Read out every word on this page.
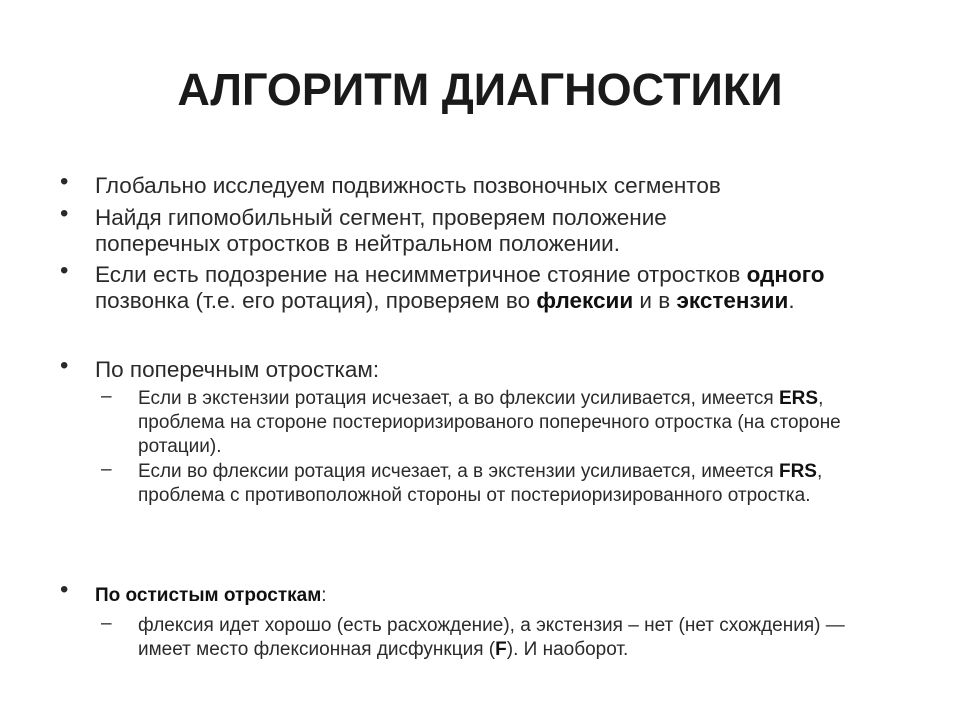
АЛГОРИТМ ДИАГНОСТИКИ
• Глобально исследуем подвижность позвоночных сегментов
• Найдя гипомобильный сегмент, проверяем положение поперечных отростков в нейтральном положении.
• Если есть подозрение на несимметричное стояние отростков одного позвонка (т.е. его ротация), проверяем во флексии и в экстензии.
• По поперечным отросткам:
– Если в экстензии ротация исчезает, а во флексии усиливается, имеется ERS, проблема на стороне постериоризированого поперечного отростка (на стороне ротации).
– Если во флексии ротация исчезает, а в экстензии усиливается, имеется FRS, проблема с противоположной стороны от постериоризированного отростка.
• По остистым отросткам:
– флексия идет хорошо (есть расхождение), а экстензия – нет (нет схождения) — имеет место флексионная дисфункция (F). И наоборот.
